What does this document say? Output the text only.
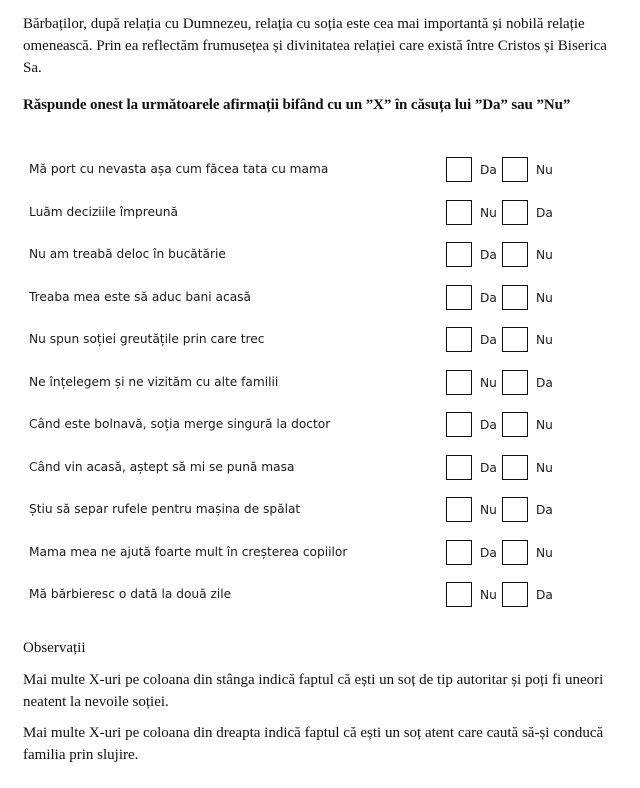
Bărbaților, după relația cu Dumnezeu, relația cu soția este cea mai importantă și nobilă relație omenească. Prin ea reflectăm frumusețea și divinitatea relației care există între Cristos și Biserica Sa.

Răspunde onest la următoarele afirmații bifând cu un ”X” în căsuța lui ”Da” sau ”Nu”

Mă port cu nevasta așa cum făcea tata cu mama	Da	Nu
Luăm deciziile împreună	Nu	Da
Nu am treabă deloc în bucătărie	Da	Nu
Treaba mea este să aduc bani acasă	Da	Nu
Nu spun soției greutățile prin care trec	Da	Nu
Ne înțelegem și ne vizităm cu alte familii	Nu	Da
Când este bolnavă, soția merge singură la doctor	Da	Nu
Când vin acasă, aștept să mi se pună masa	Da	Nu
Știu să separ rufele pentru mașina de spălat	Nu	Da
Mama mea ne ajută foarte mult în creșterea copiilor	Da	Nu
Mă bărbieresc o dată la două zile	Nu	Da

Observații

Mai multe X-uri pe coloana din stânga indică faptul că ești un soț de tip autoritar și poți fi uneori neatent la nevoile soției.

Mai multe X-uri pe coloana din dreapta indică faptul că ești un soț atent care caută să-și conducă familia prin slujire.
